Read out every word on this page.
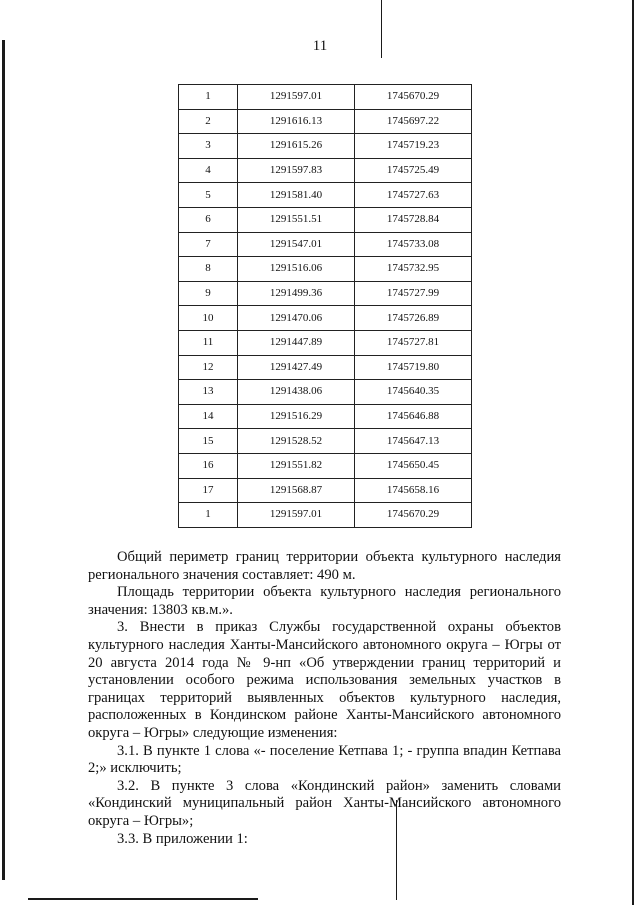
11
1	1291597.01	1745670.29
2	1291616.13	1745697.22
3	1291615.26	1745719.23
4	1291597.83	1745725.49
5	1291581.40	1745727.63
6	1291551.51	1745728.84
7	1291547.01	1745733.08
8	1291516.06	1745732.95
9	1291499.36	1745727.99
10	1291470.06	1745726.89
11	1291447.89	1745727.81
12	1291427.49	1745719.80
13	1291438.06	1745640.35
14	1291516.29	1745646.88
15	1291528.52	1745647.13
16	1291551.82	1745650.45
17	1291568.87	1745658.16
1	1291597.01	1745670.29

Общий периметр границ территории объекта культурного наследия регионального значения составляет: 490 м.

Площадь территории объекта культурного наследия регионального значения: 13803 кв.м.».

3. Внести в приказ Службы государственной охраны объектов культурного наследия Ханты-Мансийского автономного округа – Югры от 20 августа 2014 года № 9-нп «Об утверждении границ территорий и установлении особого режима использования земельных участков в границах территорий выявленных объектов культурного наследия, расположенных в Кондинском районе Ханты-Мансийского автономного округа – Югры» следующие изменения:

3.1. В пункте 1 слова «- поселение Кетпава 1; - группа впадин Кетпава 2;» исключить;

3.2. В пункте 3 слова «Кондинский район» заменить словами «Кондинский муниципальный район Ханты-Мансийского автономного округа – Югры»;

3.3. В приложении 1:
